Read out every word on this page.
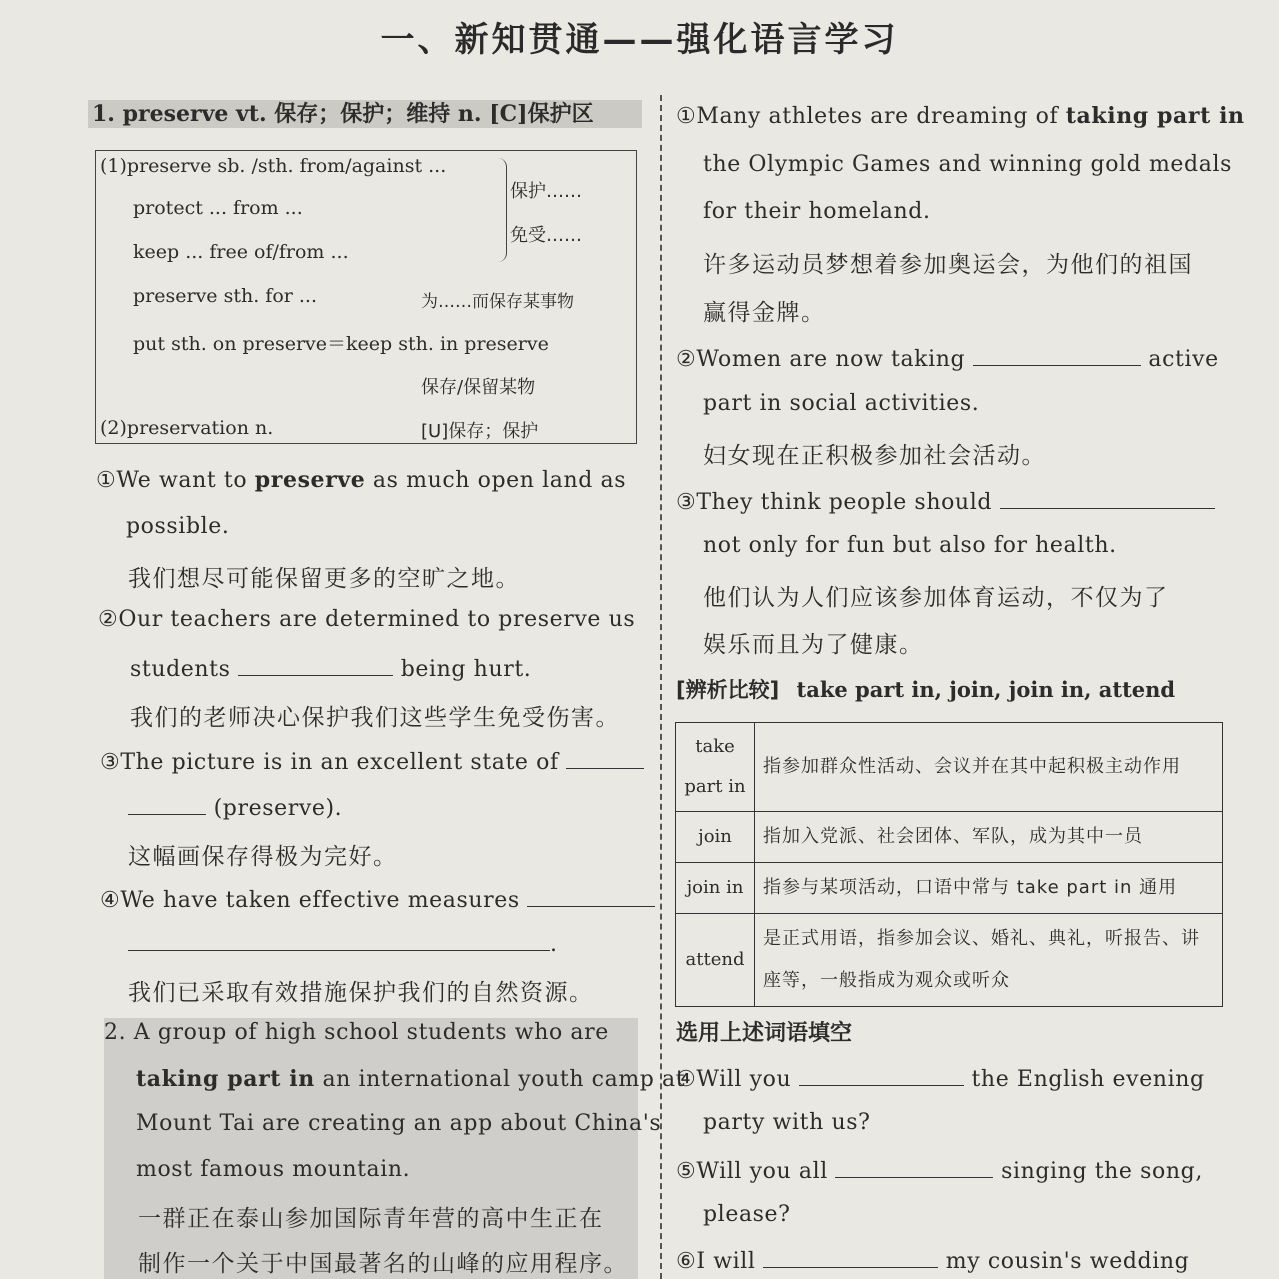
一、新知贯通——强化语言学习
1. preserve vt. 保存；保护；维持 n. [C]保护区
(1)preserve sb. /sth. from/against ...
protect ... from ...
keep ... free of/from ...
保护……
免受……
preserve sth. for ...	为……而保存某事物
put sth. on preserve＝keep sth. in preserve
保存/保留某物
(2)preservation n.	[U]保存；保护
①We want to preserve as much open land as
possible.
我们想尽可能保留更多的空旷之地。
②Our teachers are determined to preserve us
students	being hurt.
我们的老师决心保护我们这些学生免受伤害。
③The picture is in an excellent state of
(preserve).
这幅画保存得极为完好。
④We have taken effective measures
.
我们已采取有效措施保护我们的自然资源。
2. A group of high school students who are
taking part in an international youth camp at
Mount Tai are creating an app about China's
most famous mountain.
一群正在泰山参加国际青年营的高中生正在
制作一个关于中国最著名的山峰的应用程序。
①Many athletes are dreaming of taking part in
the Olympic Games and winning gold medals
for their homeland.
许多运动员梦想着参加奥运会，为他们的祖国
赢得金牌。
②Women are now taking	active
part in social activities.
妇女现在正积极参加社会活动。
③They think people should
not only for fun but also for health.
他们认为人们应该参加体育运动，不仅为了
娱乐而且为了健康。
[辨析比较] take part in, join, join in, attend
take part in	指参加群众性活动、会议并在其中起积极主动作用
join	指加入党派、社会团体、军队，成为其中一员
join in	指参与某项活动，口语中常与 take part in 通用
attend	是正式用语，指参加会议、婚礼、典礼，听报告、讲座等，一般指成为观众或听众
选用上述词语填空
④Will you	the English evening
party with us?
⑤Will you all	singing the song,
please?
⑥I will	my cousin's wedding
